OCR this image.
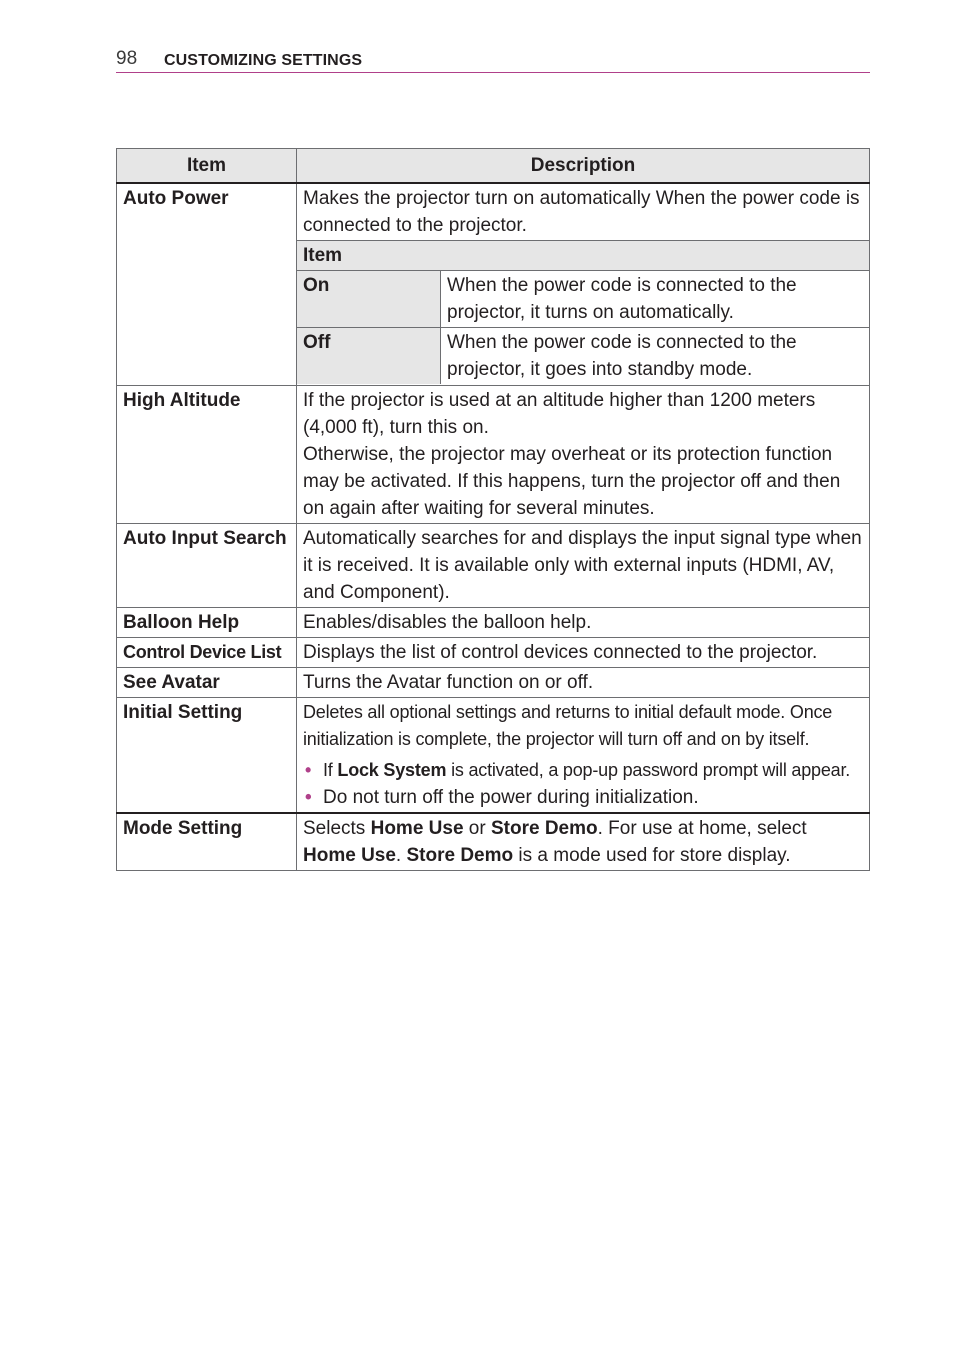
98 CUSTOMIZING SETTINGS
Item	Description
Auto Power	Makes the projector turn on automatically When the power code is connected to the projector.
Item
On	When the power code is connected to the projector, it turns on automatically.
Off	When the power code is connected to the projector, it goes into standby mode.

High Altitude	If the projector is used at an altitude higher than 1200 meters (4,000 ft), turn this on.
Otherwise, the projector may overheat or its protection function may be activated. If this happens, turn the projector off and then on again after waiting for several minutes.

Auto Input Search	Automatically searches for and displays the input signal type when it is received. It is available only with external inputs (HDMI, AV, and Component).

Balloon Help	Enables/disables the balloon help.

Control Device List	Displays the list of control devices connected to the projector.

See Avatar	Turns the Avatar function on or off.

Initial Setting	Deletes all optional settings and returns to initial default mode. Once initialization is complete, the projector will turn off and on by itself.
• If Lock System is activated, a pop-up password prompt will appear.
• Do not turn off the power during initialization.

Mode Setting	Selects Home Use or Store Demo. For use at home, select Home Use. Store Demo is a mode used for store display.
